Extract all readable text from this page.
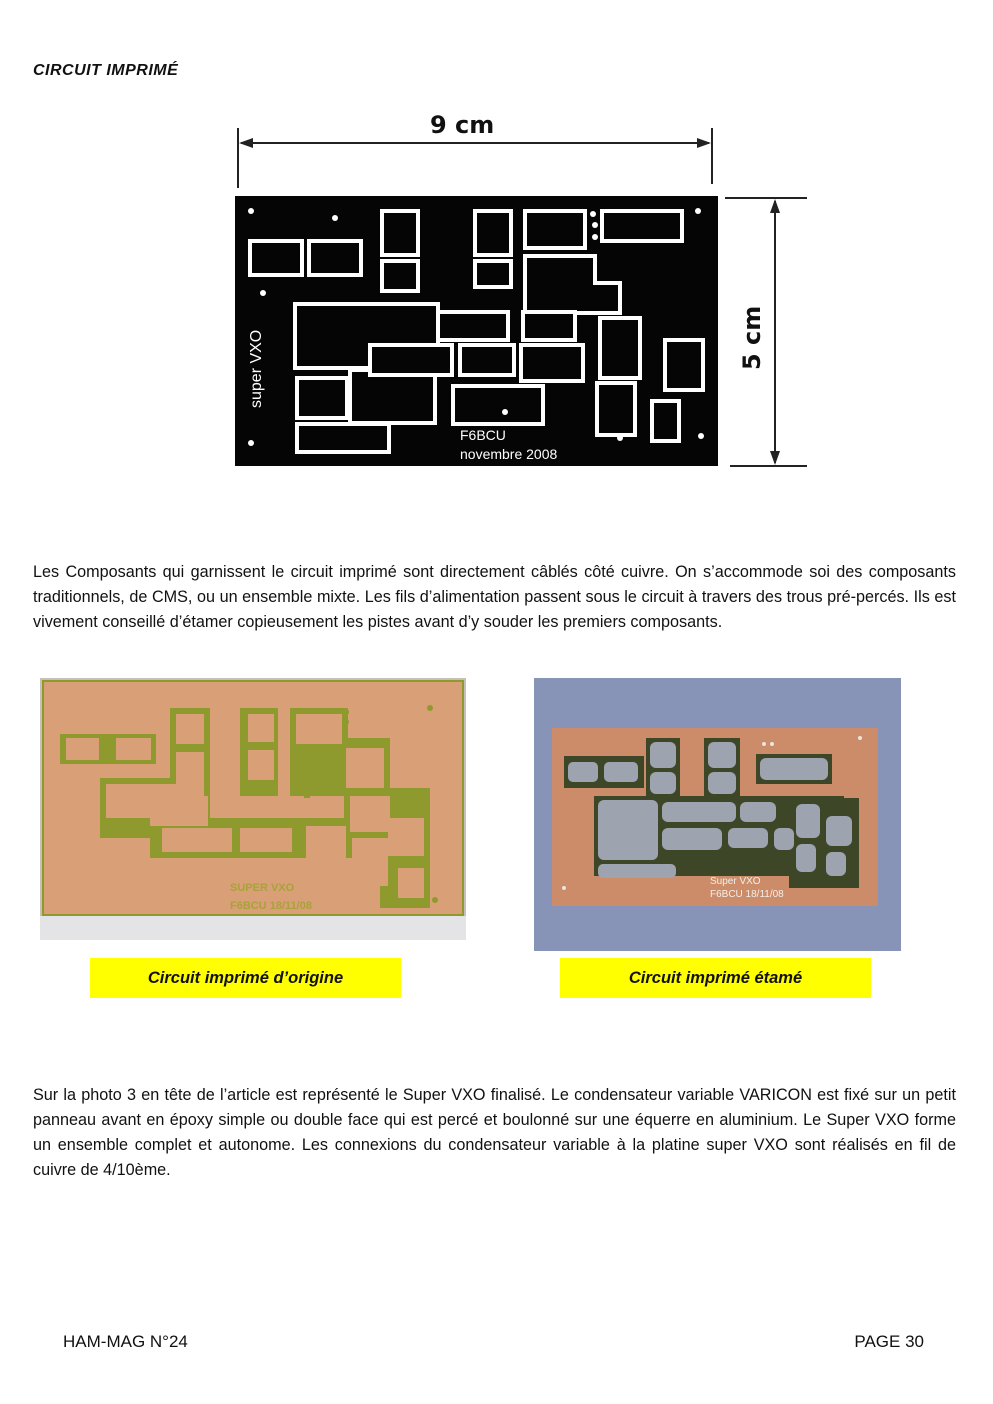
CIRCUIT IMPRIMÉ
9 cm
5 cm
super VXO
F6BCU
novembre 2008
Les Composants qui garnissent le circuit imprimé sont directement câblés côté cuivre. On s’accommode soi des composants traditionnels, de CMS, ou un ensemble mixte. Les fils d’alimentation passent sous le circuit à travers des trous pré-percés. Ils est vivement conseillé d’étamer copieusement les pistes avant d’y souder les premiers composants.
SUPER VXO
F6BCU 18/11/08
Super VXO
F6BCU 18/11/08
Circuit imprimé d’origine	Circuit imprimé étamé
Sur la photo 3 en tête de l’article est représenté le Super VXO finalisé. Le condensateur variable VARICON est fixé sur un petit panneau avant en époxy simple ou double face qui est percé et boulonné sur une équerre en aluminium. Le Super VXO forme un ensemble complet et autonome. Les connexions du condensateur variable à la platine super VXO sont réalisés en fil de cuivre de 4/10ème.
HAM-MAG N°24	PAGE 30
